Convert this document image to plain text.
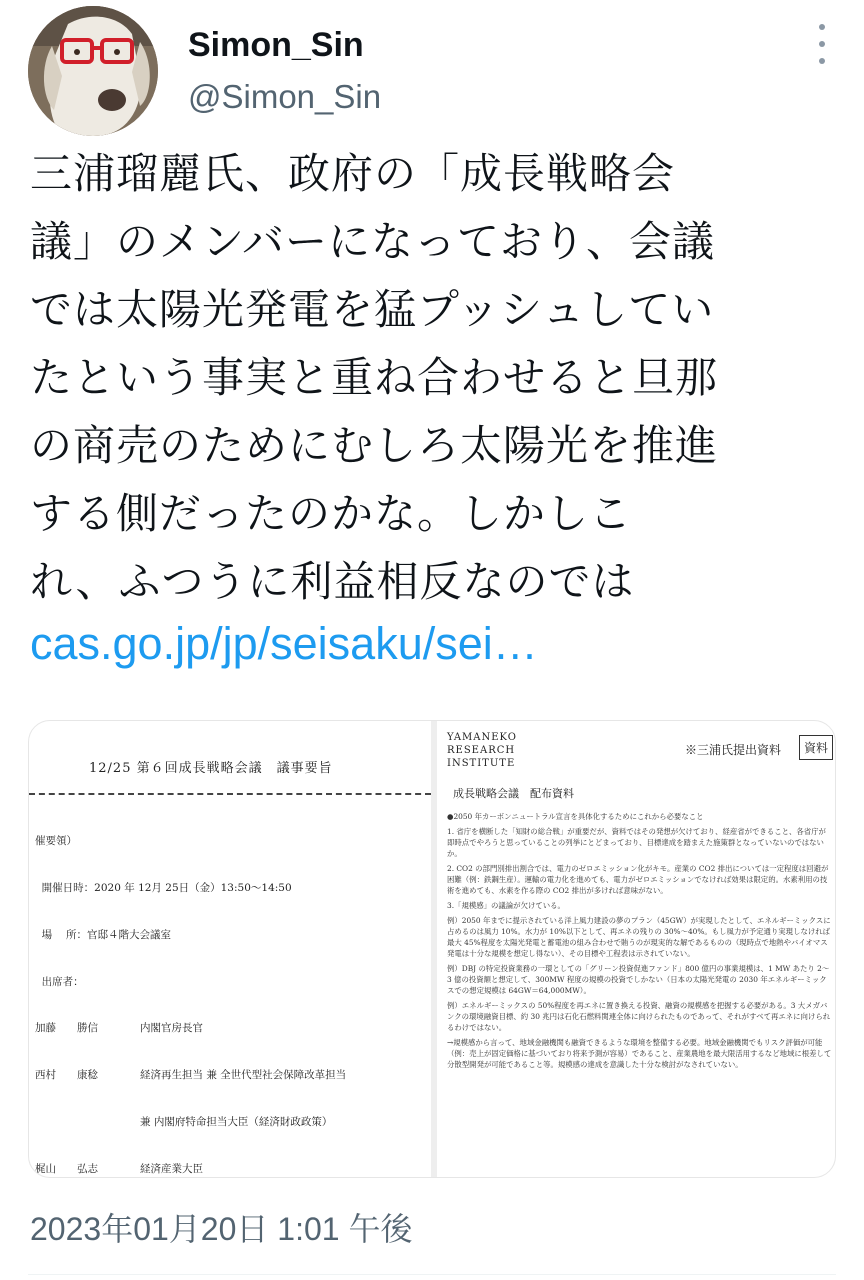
Simon_Sin
@Simon_Sin
三浦瑠麗氏、政府の「成長戦略会
議」のメンバーになっており、会議
では太陽光発電を猛プッシュしてい
たという事実と重ね合わせると旦那
の商売のためにむしろ太陽光を推進
する側だったのかな。しかしこ
れ、ふつうに利益相反なのでは
cas.go.jp/jp/seisaku/sei…
12/25 第６回成長戦略会議　議事要旨

催要領）

開催日時：2020 年 12月 25日（金）13:50～14:50

場　 所：官邸４階大会議室

出席者：

加藤　　勝信　　　　内閣官房長官

西村　　康稔　　　　経済再生担当 兼 全世代型社会保障改革担当

　　　　　　　　　　兼 内閣府特命担当大臣（経済財政政策）

梶山　　弘志　　　　経済産業大臣

YAMANEKO
RESEARCH
INSTITUTE
※三浦氏提出資料	資料
成長戦略会議　配布資料

●2050 年カーボンニュートラル宣言を具体化するためにこれから必要なこと

1. 省庁を横断した「知財の総合戦」が重要だが、資料ではその発想が欠けており、経産省ができること、各省庁が即時点でやろうと思っていることの列挙にとどまっており、目標達成を踏まえた施策群となっていないのではないか。

2. CO2 の部門別排出割合では、電力のゼロエミッション化がキモ。産業の CO2 排出については一定程度は回避が困難（例：鉄鋼生産）。運輸の電力化を進めても、電力がゼロエミッションでなければ効果は限定的。水素利用の技術を進めても、水素を作る際の CO2 排出が多ければ意味がない。

3.「規模感」の議論が欠けている。

例）2050 年までに提示されている洋上風力建設の夢のプラン（45GW）が実現したとして、エネルギーミックスに占めるのは風力 10%。水力が 10%以下として、再エネの残りの 30%～40%。もし風力が予定通り実現しなければ最大 45%程度を太陽光発電と蓄電池の組み合わせで賄うのが現実的な解であるものの（現時点で地熱やバイオマス発電は十分な規模を想定し得ない）、その目標や工程表は示されていない。

例）DBJ の特定投資業務の一環としての「グリーン投資促進ファンド」800 億円の事業規模は、1 MW あたり 2～3 億の投資額と想定して、300MW 程度の規模の投資でしかない（日本の太陽光発電の 2030 年エネルギーミックスでの想定規模は 64GW＝64,000MW）。

例）エネルギーミックスの 50%程度を再エネに置き換える投資、融資の規模感を把握する必要がある。3 大メガバンクの環境融資目標、約 30 兆円は石化石燃料関連全体に向けられたものであって、それがすべて再エネに向けられるわけではない。

→規模感から言って、地域金融機関も融資できるような環境を整備する必要。地域金融機関でもリスク評価が可能（例：売上が固定価格に基づいており将来予測が容易）であること、産業農地を最大限活用するなど地域に根差して分散型開発が可能であること等。規模感の達成を意識した十分な検討がなされていない。

2023年01月20日 1:01 午後
